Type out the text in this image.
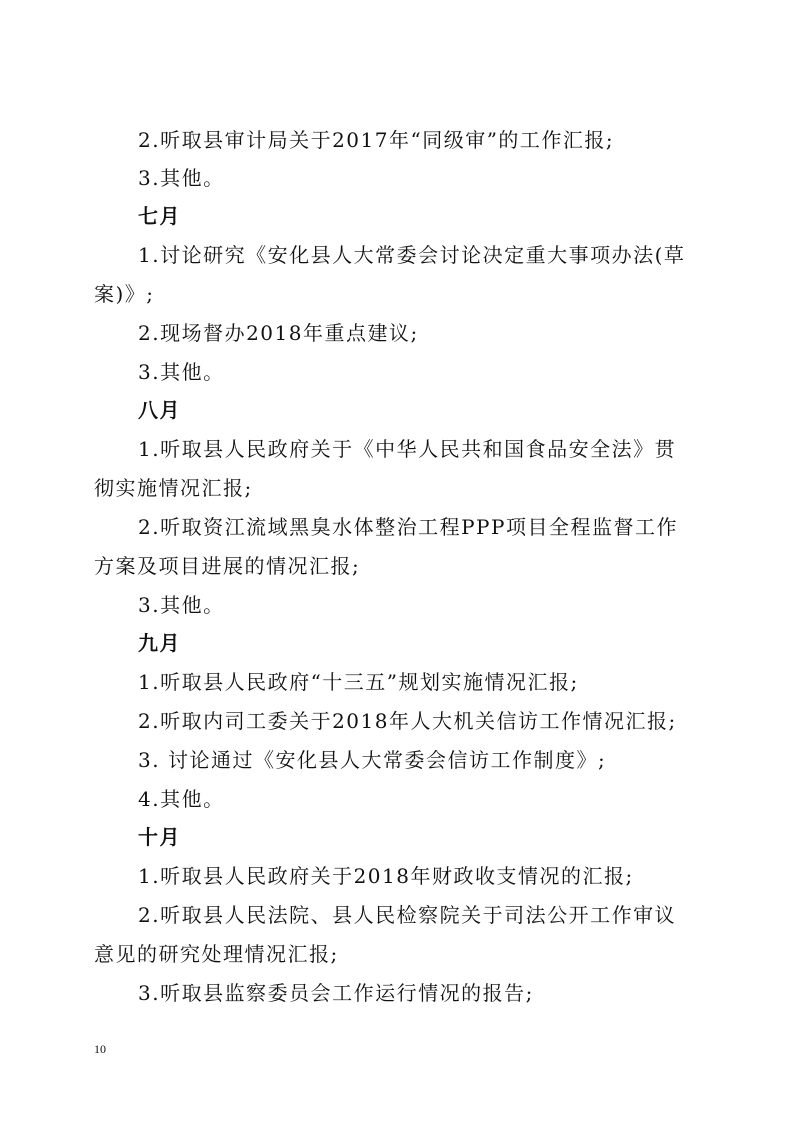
2.听取县审计局关于2017年“同级审”的工作汇报;
3.其他。
七月
1.讨论研究《安化县人大常委会讨论决定重大事项办法(草
案)》;
2.现场督办2018年重点建议;
3.其他。
八月
1.听取县人民政府关于《中华人民共和国食品安全法》贯
彻实施情况汇报;
2.听取资江流域黑臭水体整治工程PPP项目全程监督工作
方案及项目进展的情况汇报;
3.其他。
九月
1.听取县人民政府“十三五”规划实施情况汇报;
2.听取内司工委关于2018年人大机关信访工作情况汇报;
3. 讨论通过《安化县人大常委会信访工作制度》;
4.其他。
十月
1.听取县人民政府关于2018年财政收支情况的汇报;
2.听取县人民法院、县人民检察院关于司法公开工作审议
意见的研究处理情况汇报;
3.听取县监察委员会工作运行情况的报告;
10
